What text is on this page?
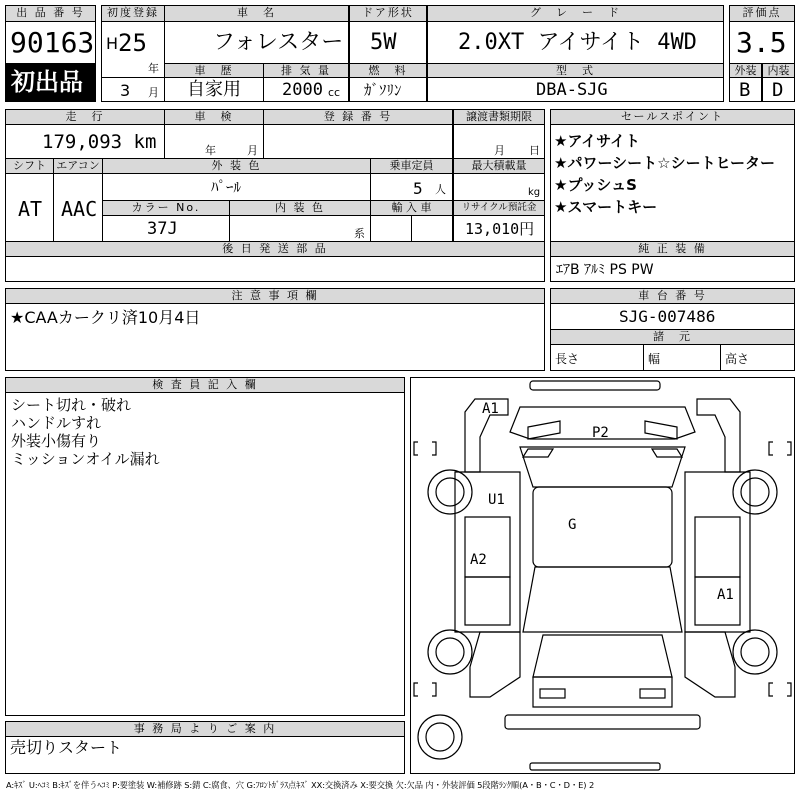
出 品 番 号
90163
初出品
初度登録
H 25
年
3 月
車　名
フォレスター
ドア形状
5W
グ　レ　ー　ド
2.0XT アイサイト 4WD
車　歴
自家用
排 気 量
2000 cc
燃　料
ｶﾞｿﾘﾝ
型　式
DBA-SJG
評価点
3.5
外装	内装
B D
走　行
179,093 km
車　検
年	月
登 録 番 号	譲渡書類期限
月 日
シフト
AT
エアコン
AAC
外 装 色
ﾊﾟｰﾙ
乗車定員
5 人
最大積載量
kg
カラー No.
37J
内 装 色
系
輸 入 車	リサイクル預託金
13,010円
セールスポイント
★アイサイト
★パワーシート☆シートヒーター
★プッシュS
★スマートキー
後 日 発 送 部 品	純 正 装 備
ｴｱB ｱﾙﾐ PS PW
注 意 事 項 欄
★CAAカークリ済10月4日
車 台 番 号
SJG-007486
諸　元
長さ	幅	高さ
検 査 員 記 入 欄
シート切れ・破れ
ハンドルすれ
外装小傷有り
ミッションオイル漏れ
事 務 局 よ り ご 案 内
売切りスタート
A1
P2
U1
G
A2
A1
A:ｷｽﾞ U:ﾍｺﾐ B:ｷｽﾞを伴うﾍｺﾐ P:要塗装 W:補修跡 S:錆 C:腐食、穴 G:ﾌﾛﾝﾄｶﾞﾗｽ点ｷｽﾞ XX:交換済み X:要交換 欠:欠品 内・外装評価 5段階ﾗﾝｸ順(A・B・C・D・E) 2
